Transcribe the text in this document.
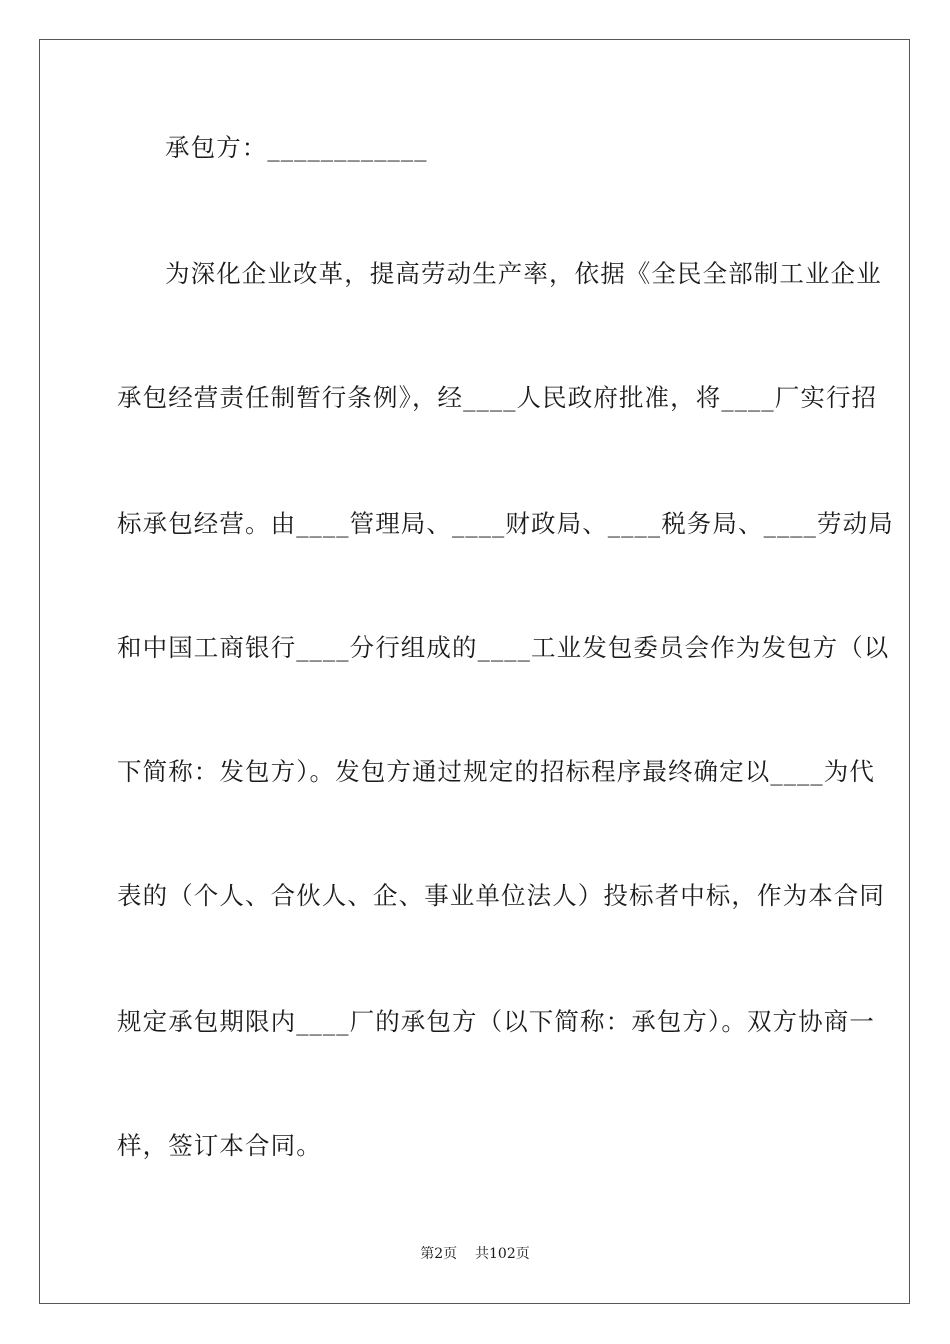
承包方：____________
为深化企业改革，提高劳动生产率，依据《全民全部制工业企业
承包经营责任制暂行条例》，经____人民政府批准，将____厂实行招
标承包经营。由____管理局、____财政局、____税务局、____劳动局
和中国工商银行____分行组成的____工业发包委员会作为发包方（以
下简称：发包方）。发包方通过规定的招标程序最终确定以____为代
表的（个人、合伙人、企、事业单位法人）投标者中标，作为本合同
规定承包期限内____厂的承包方（以下简称：承包方）。双方协商一
样，签订本合同。
第2页 共102页
